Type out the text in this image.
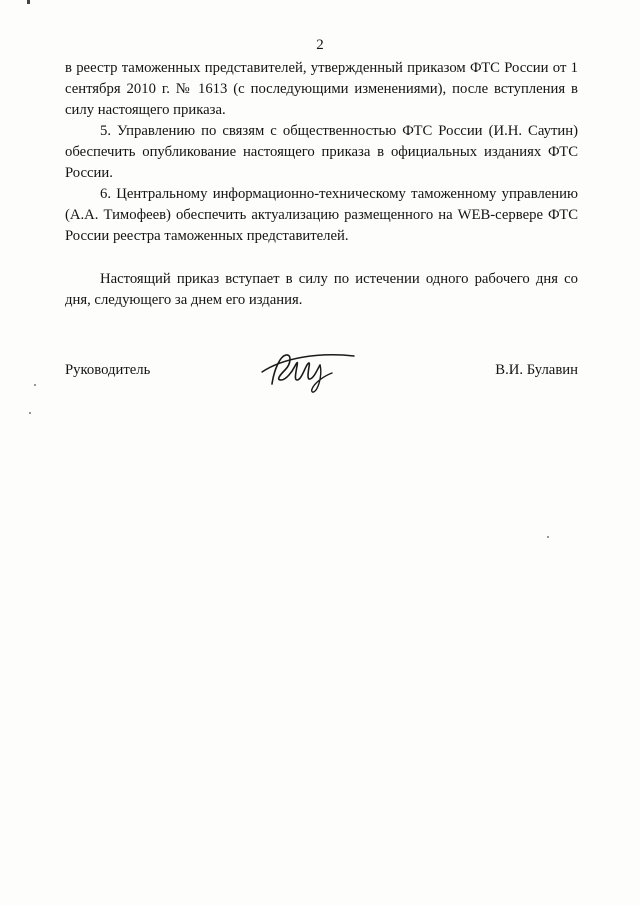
2

в реестр таможенных представителей, утвержденный приказом ФТС России от 1 сентября 2010 г. № 1613 (с последующими изменениями), после вступления в силу настоящего приказа.

5. Управлению по связям с общественностью ФТС России (И.Н. Саутин) обеспечить опубликование настоящего приказа в официальных изданиях ФТС России.

6. Центральному информационно-техническому таможенному управлению (А.А. Тимофеев) обеспечить актуализацию размещенного на WEB-сервере ФТС России реестра таможенных представителей.

Настоящий приказ вступает в силу по истечении одного рабочего дня со дня, следующего за днем его издания.

Руководитель	В.И. Булавин
